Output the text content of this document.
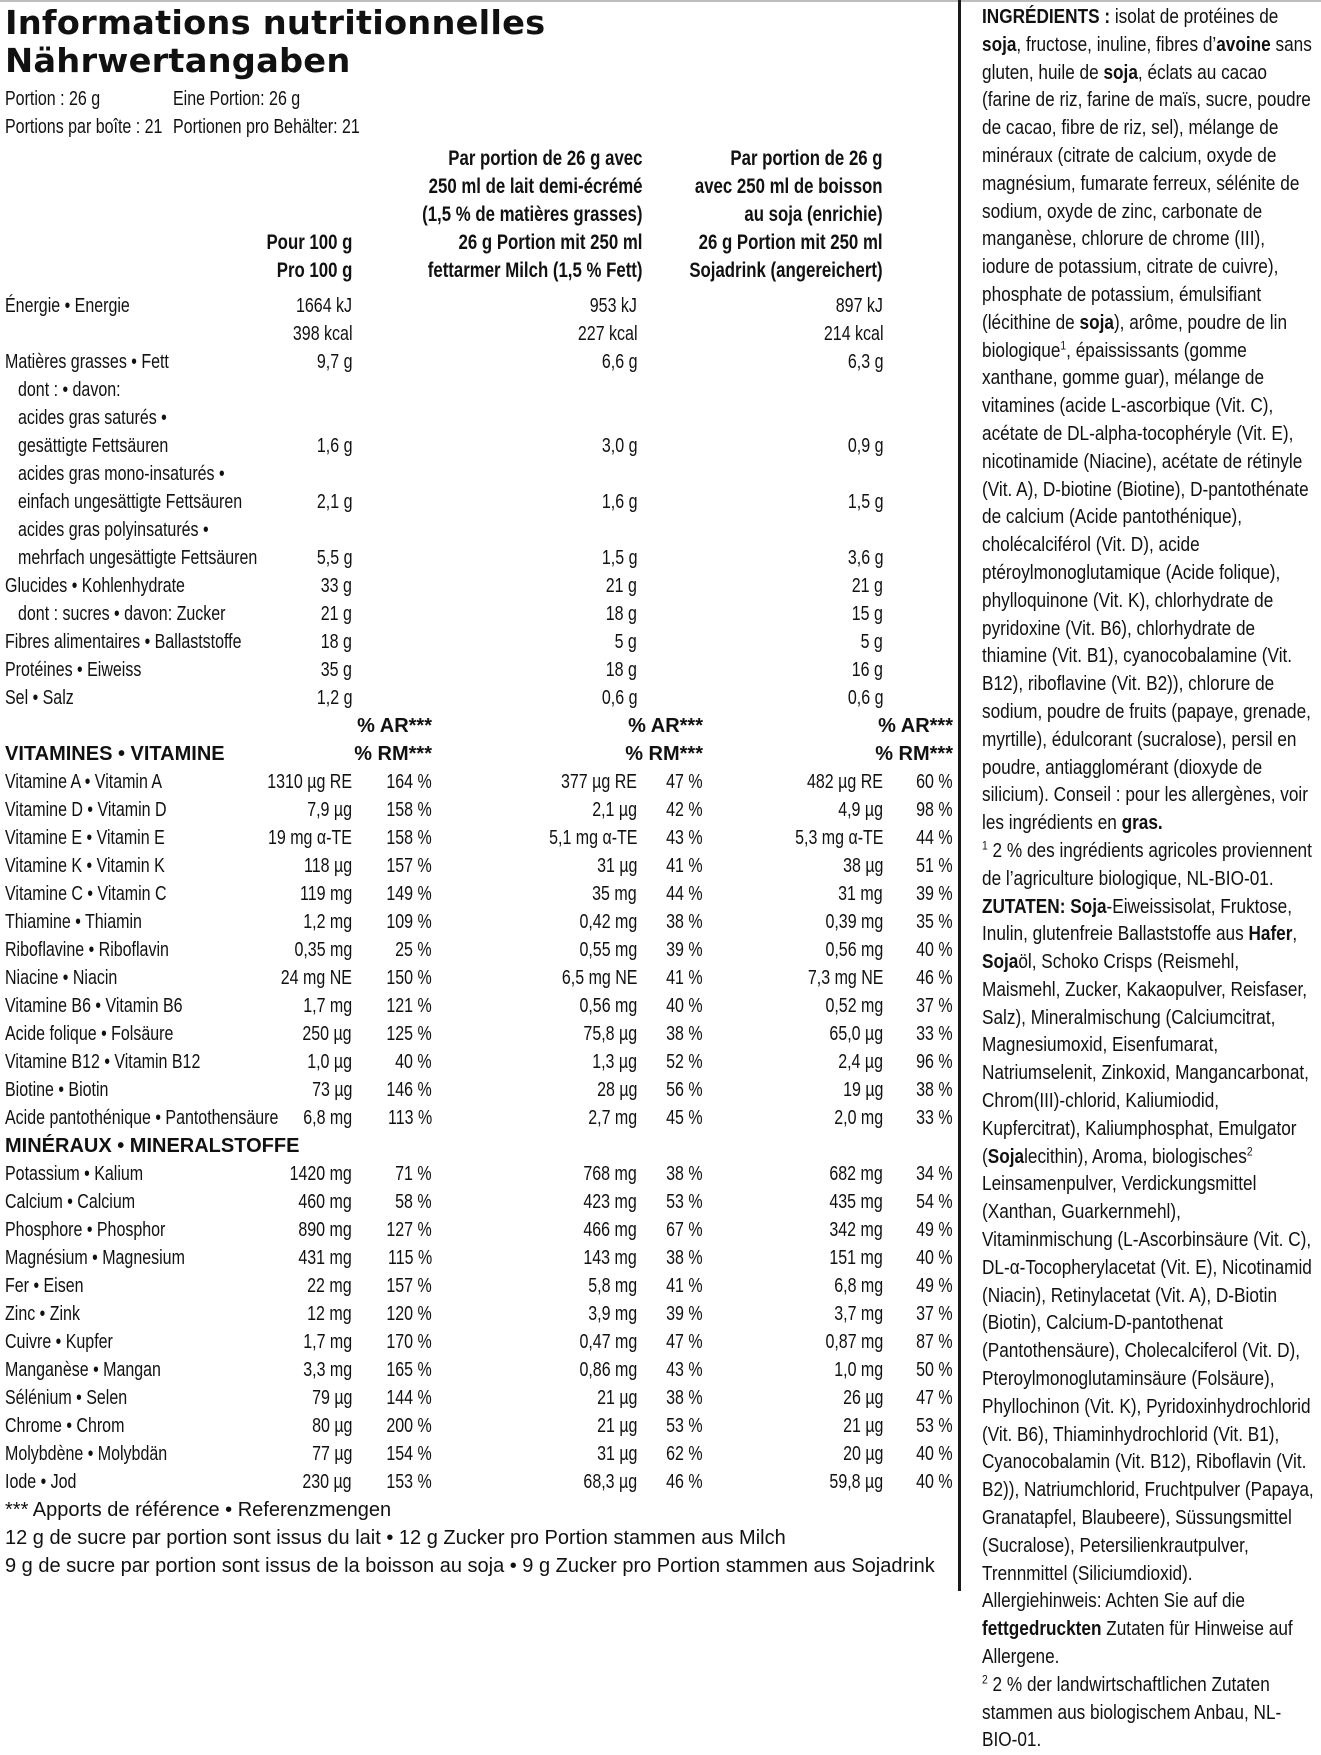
Informations nutritionnelles
Nährwertangaben
Portion : 26 g	Eine Portion: 26 g
Portions par boîte : 21 Portionen pro Behälter: 21
Pour 100 g
Pro 100 g
Par portion de 26 g avec
250 ml de lait demi-écrémé
(1,5 % de matières grasses)
26 g Portion mit 250 ml
fettarmer Milch (1,5 % Fett)
Par portion de 26 g
avec 250 ml de boisson
au soja (enrichie)
26 g Portion mit 250 ml
Sojadrink (angereichert)
Énergie • Energie	1664 kJ	953 kJ	897 kJ
398 kcal	227 kcal	214 kcal
Matières grasses • Fett	9,7 g	6,6 g	6,3 g
dont : • davon:
acides gras saturés •
gesättigte Fettsäuren	1,6 g	3,0 g	0,9 g
acides gras mono-insaturés •
einfach ungesättigte Fettsäuren	2,1 g	1,6 g	1,5 g
acides gras polyinsaturés •
mehrfach ungesättigte Fettsäuren	5,5 g	1,5 g	3,6 g
Glucides • Kohlenhydrate	33 g	21 g	21 g
dont : sucres • davon: Zucker	21 g	18 g	15 g
Fibres alimentaires • Ballaststoffe	18 g	5 g	5 g
Protéines • Eiweiss	35 g	18 g	16 g
Sel • Salz	1,2 g	0,6 g	0,6 g
% AR***	% AR***	% AR***
VITAMINES • VITAMINE	% RM***	% RM***	% RM***
Vitamine A • Vitamin A	1310 µg RE 164 %	377 µg RE 47 %	482 µg RE 60 %
Vitamine D • Vitamin D	7,9 µg 158 %	2,1 µg 42 %	4,9 µg 98 %
Vitamine E • Vitamin E	19 mg α-TE 158 %	5,1 mg α-TE 43 %	5,3 mg α-TE 44 %
Vitamine K • Vitamin K	118 µg 157 %	31 µg 41 %	38 µg 51 %
Vitamine C • Vitamin C	119 mg 149 %	35 mg 44 %	31 mg 39 %
Thiamine • Thiamin	1,2 mg 109 %	0,42 mg 38 %	0,39 mg 35 %
Riboflavine • Riboflavin	0,35 mg 25 %	0,55 mg 39 %	0,56 mg 40 %
Niacine • Niacin	24 mg NE 150 %	6,5 mg NE 41 %	7,3 mg NE 46 %
Vitamine B6 • Vitamin B6	1,7 mg 121 %	0,56 mg 40 %	0,52 mg 37 %
Acide folique • Folsäure	250 µg 125 %	75,8 µg 38 %	65,0 µg 33 %
Vitamine B12 • Vitamin B12	1,0 µg 40 %	1,3 µg 52 %	2,4 µg 96 %
Biotine • Biotin	73 µg 146 %	28 µg 56 %	19 µg 38 %
Acide pantothénique • Pantothensäure 6,8 mg 113 %	2,7 mg 45 %	2,0 mg 33 %
MINÉRAUX • MINERALSTOFFE
Potassium • Kalium	1420 mg 71 %	768 mg 38 %	682 mg 34 %
Calcium • Calcium	460 mg 58 %	423 mg 53 %	435 mg 54 %
Phosphore • Phosphor	890 mg 127 %	466 mg 67 %	342 mg 49 %
Magnésium • Magnesium	431 mg 115 %	143 mg 38 %	151 mg 40 %
Fer • Eisen	22 mg 157 %	5,8 mg 41 %	6,8 mg 49 %
Zinc • Zink	12 mg 120 %	3,9 mg 39 %	3,7 mg 37 %
Cuivre • Kupfer	1,7 mg 170 %	0,47 mg 47 %	0,87 mg 87 %
Manganèse • Mangan	3,3 mg 165 %	0,86 mg 43 %	1,0 mg 50 %
Sélénium • Selen	79 µg 144 %	21 µg 38 %	26 µg 47 %
Chrome • Chrom	80 µg 200 %	21 µg 53 %	21 µg 53 %
Molybdène • Molybdän	77 µg 154 %	31 µg 62 %	20 µg 40 %
Iode • Jod	230 µg 153 %	68,3 µg 46 %	59,8 µg 40 %
*** Apports de référence • Referenzmengen
12 g de sucre par portion sont issus du lait • 12 g Zucker pro Portion stammen aus Milch
9 g de sucre par portion sont issus de la boisson au soja • 9 g Zucker pro Portion stammen aus Sojadrink

INGRÉDIENTS : isolat de protéines de soja, fructose, inuline, fibres d’avoine sans gluten, huile de soja, éclats au cacao (farine de riz, farine de maïs, sucre, poudre de cacao, fibre de riz, sel), mélange de minéraux (citrate de calcium, oxyde de magnésium, fumarate ferreux, sélénite de sodium, oxyde de zinc, carbonate de manganèse, chlorure de chrome (III), iodure de potassium, citrate de cuivre), phosphate de potassium, émulsifiant (lécithine de soja), arôme, poudre de lin biologique$^1$, épaississants (gomme xanthane, gomme guar), mélange de vitamines (acide L-ascorbique (Vit. C), acétate de DL-alpha-tocophéryle (Vit. E), nicotinamide (Niacine), acétate de rétinyle (Vit. A), D-biotine (Biotine), D-pantothénate de calcium (Acide pantothénique), cholécalciférol (Vit. D), acide ptéroylmonoglutamique (Acide folique), phylloquinone (Vit. K), chlorhydrate de pyridoxine (Vit. B6), chlorhydrate de thiamine (Vit. B1), cyanocobalamine (Vit. B12), riboflavine (Vit. B2)), chlorure de sodium, poudre de fruits (papaye, grenade, myrtille), édulcorant (sucralose), persil en poudre, antiagglomérant (dioxyde de silicium). Conseil : pour les allergènes, voir les ingrédients en gras.

$^1$ 2 % des ingrédients agricoles proviennent de l’agriculture biologique, NL-BIO-01.

ZUTATEN: Soja-Eiweissisolat, Fruktose, Inulin, glutenfreie Ballaststoffe aus Hafer, Sojaöl, Schoko Crisps (Reismehl, Maismehl, Zucker, Kakaopulver, Reisfaser, Salz), Mineralmischung (Calciumcitrat, Magnesiumoxid, Eisenfumarat, Natriumselenit, Zinkoxid, Mangancarbonat, Chrom(III)-chlorid, Kaliumiodid, Kupfercitrat), Kaliumphosphat, Emulgator (Sojalecithin), Aroma, biologisches$^2$ Leinsamenpulver, Verdickungsmittel (Xanthan, Guarkernmehl), Vitaminmischung (L-Ascorbinsäure (Vit. C), DL-α-Tocopherylacetat (Vit. E), Nicotinamid (Niacin), Retinylacetat (Vit. A), D-Biotin (Biotin), Calcium-D-pantothenat (Pantothensäure), Cholecalciferol (Vit. D), Pteroylmonoglutaminsäure (Folsäure), Phyllochinon (Vit. K), Pyridoxinhydrochlorid (Vit. B6), Thiaminhydrochlorid (Vit. B1), Cyanocobalamin (Vit. B12), Riboflavin (Vit. B2)), Natriumchlorid, Fruchtpulver (Papaya, Granatapfel, Blaubeere), Süssungsmittel (Sucralose), Petersilienkrautpulver, Trennmittel (Siliciumdioxid). Allergiehinweis: Achten Sie auf die fettgedruckten Zutaten für Hinweise auf Allergene.

$^2$ 2 % der landwirtschaftlichen Zutaten stammen aus biologischem Anbau, NL-BIO-01.
